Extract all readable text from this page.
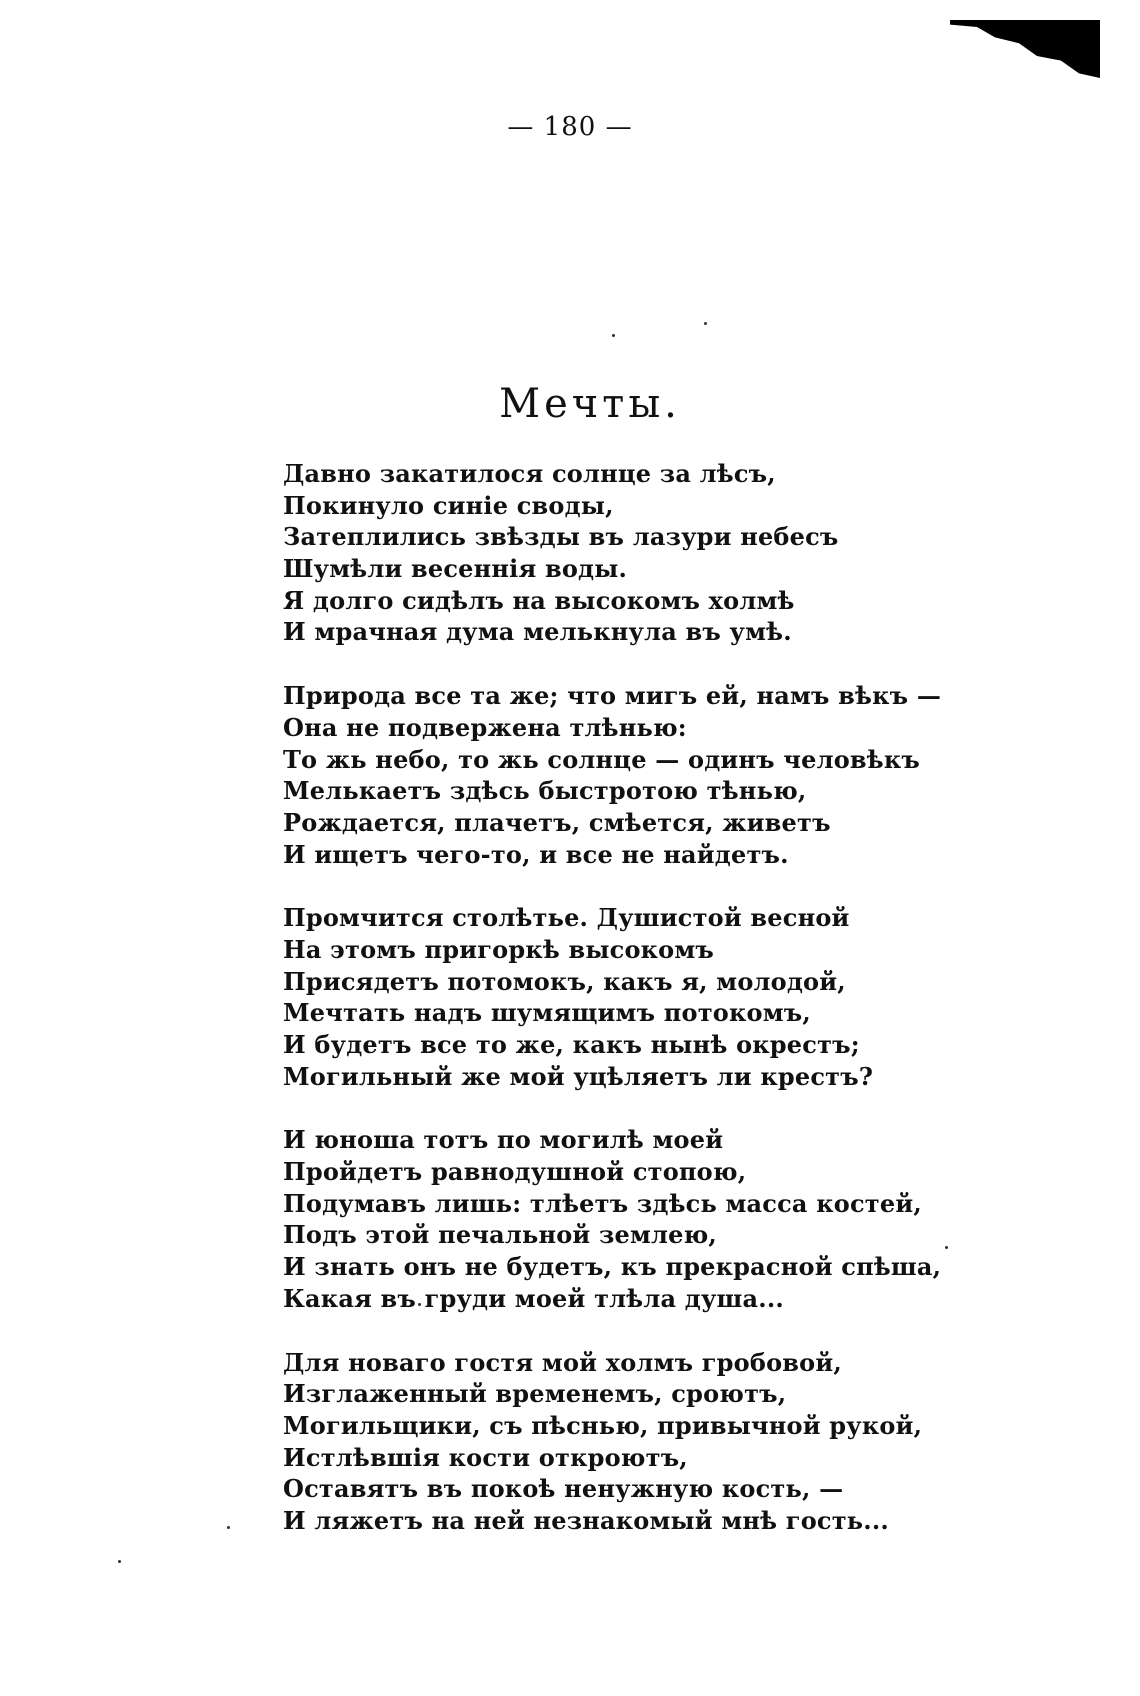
— 180 —
Мечты.
Давно закатилося солнце за лѣсъ,
Покинуло синіе своды,
Затеплились звѣзды въ лазури небесъ
Шумѣли весеннія воды.
Я долго сидѣлъ на высокомъ холмѣ
И мрачная дума мелькнула въ умѣ.
Природа все та же; что мигъ ей, намъ вѣкъ —
Она не подвержена тлѣнью:
То жь небо, то жь солнце — одинъ человѣкъ
Мелькаетъ здѣсь быстротою тѣнью,
Рождается, плачетъ, смѣется, живетъ
И ищетъ чего-то, и все не найдетъ.
Промчится столѣтье. Душистой весной
На этомъ пригоркѣ высокомъ
Присядетъ потомокъ, какъ я, молодой,
Мечтать надъ шумящимъ потокомъ,
И будетъ все то же, какъ нынѣ окрестъ;
Могильный же мой уцѣляетъ ли крестъ?
И юноша тотъ по могилѣ моей
Пройдетъ равнодушной стопою,
Подумавъ лишь: тлѣетъ здѣсь масса костей,
Подъ этой печальной землею,
И знать онъ не будетъ, къ прекрасной спѣша,
Какая въ груди моей тлѣла душа...
Для новаго гостя мой холмъ гробовой,
Изглаженный временемъ, сроютъ,
Могильщики, съ пѣснью, привычной рукой,
Истлѣвшія кости откроютъ,
Оставятъ въ покоѣ ненужную кость, —
И ляжетъ на ней незнакомый мнѣ гость...
